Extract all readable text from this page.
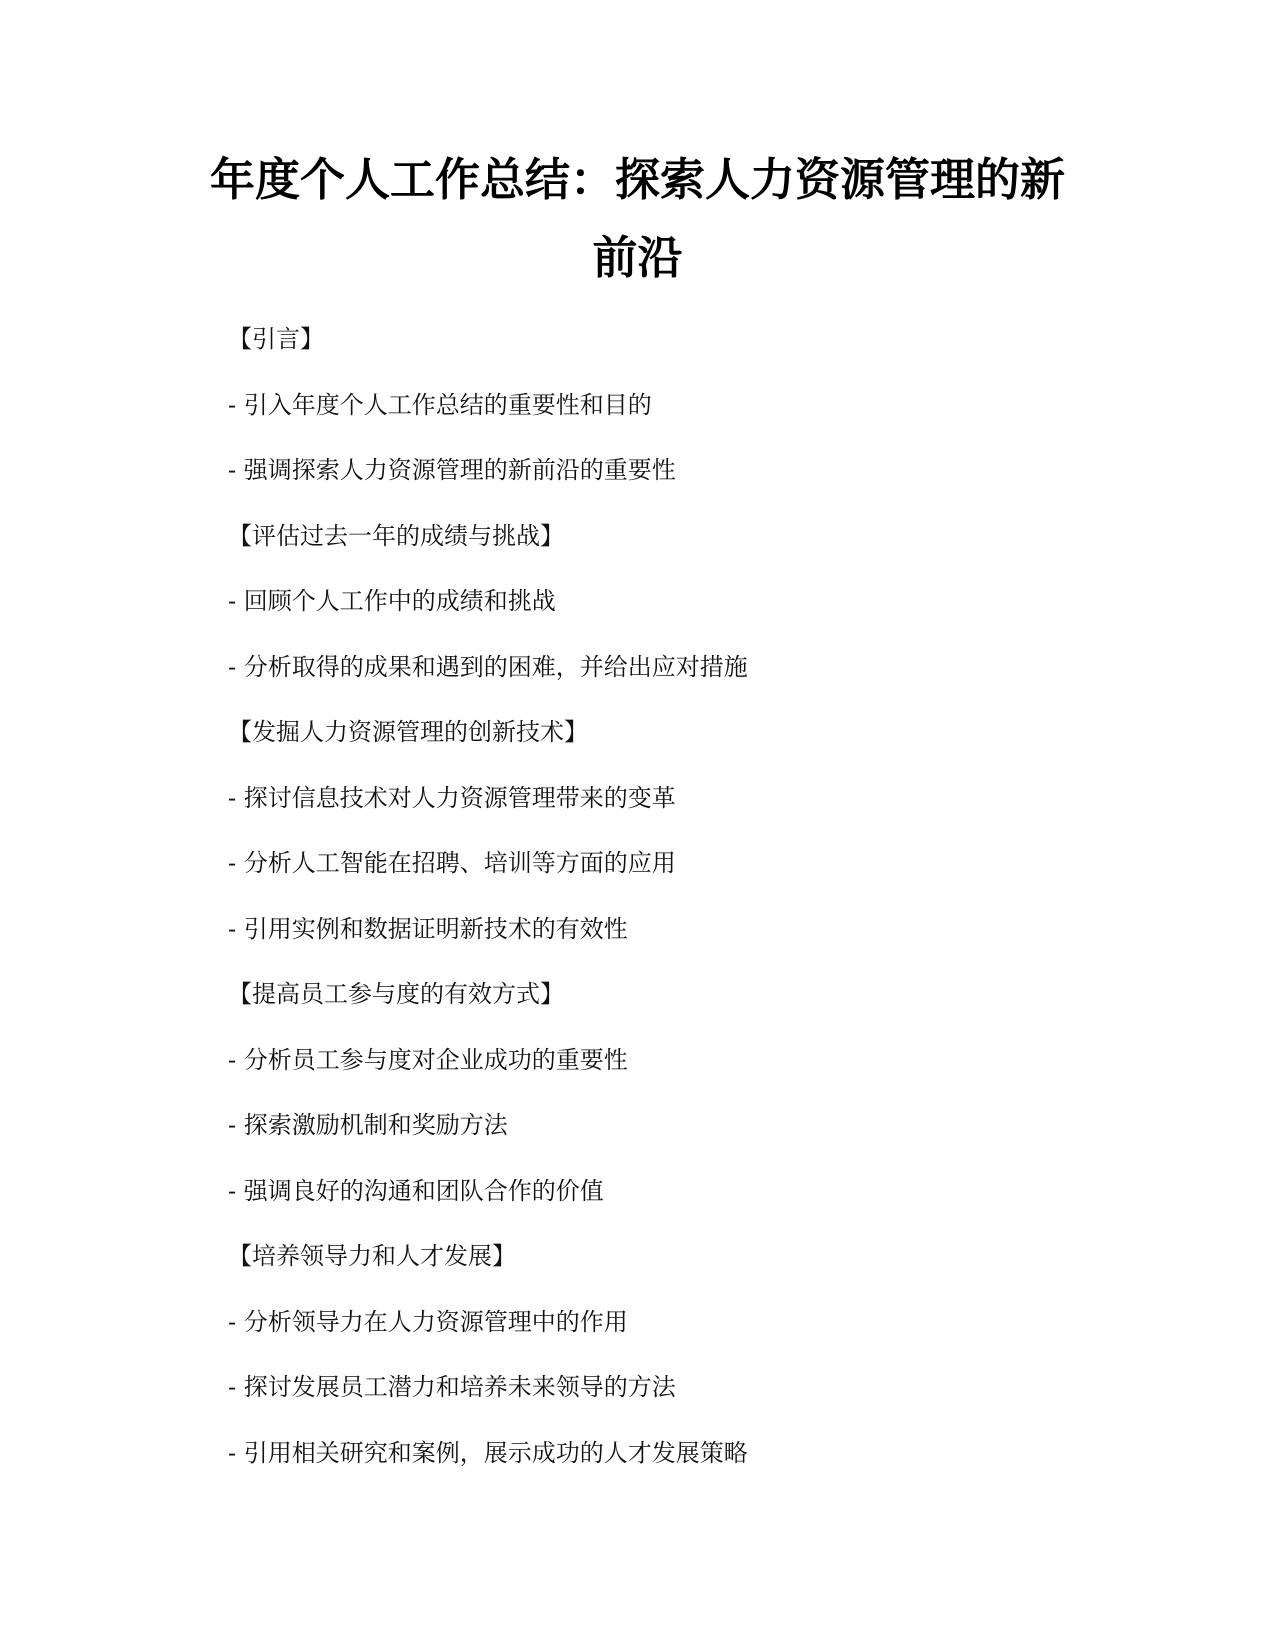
年度个人工作总结：探索人力资源管理的新
前沿
【引言】
- 引入年度个人工作总结的重要性和目的
- 强调探索人力资源管理的新前沿的重要性
【评估过去一年的成绩与挑战】
- 回顾个人工作中的成绩和挑战
- 分析取得的成果和遇到的困难，并给出应对措施
【发掘人力资源管理的创新技术】
- 探讨信息技术对人力资源管理带来的变革
- 分析人工智能在招聘、培训等方面的应用
- 引用实例和数据证明新技术的有效性
【提高员工参与度的有效方式】
- 分析员工参与度对企业成功的重要性
- 探索激励机制和奖励方法
- 强调良好的沟通和团队合作的价值
【培养领导力和人才发展】
- 分析领导力在人力资源管理中的作用
- 探讨发展员工潜力和培养未来领导的方法
- 引用相关研究和案例，展示成功的人才发展策略
